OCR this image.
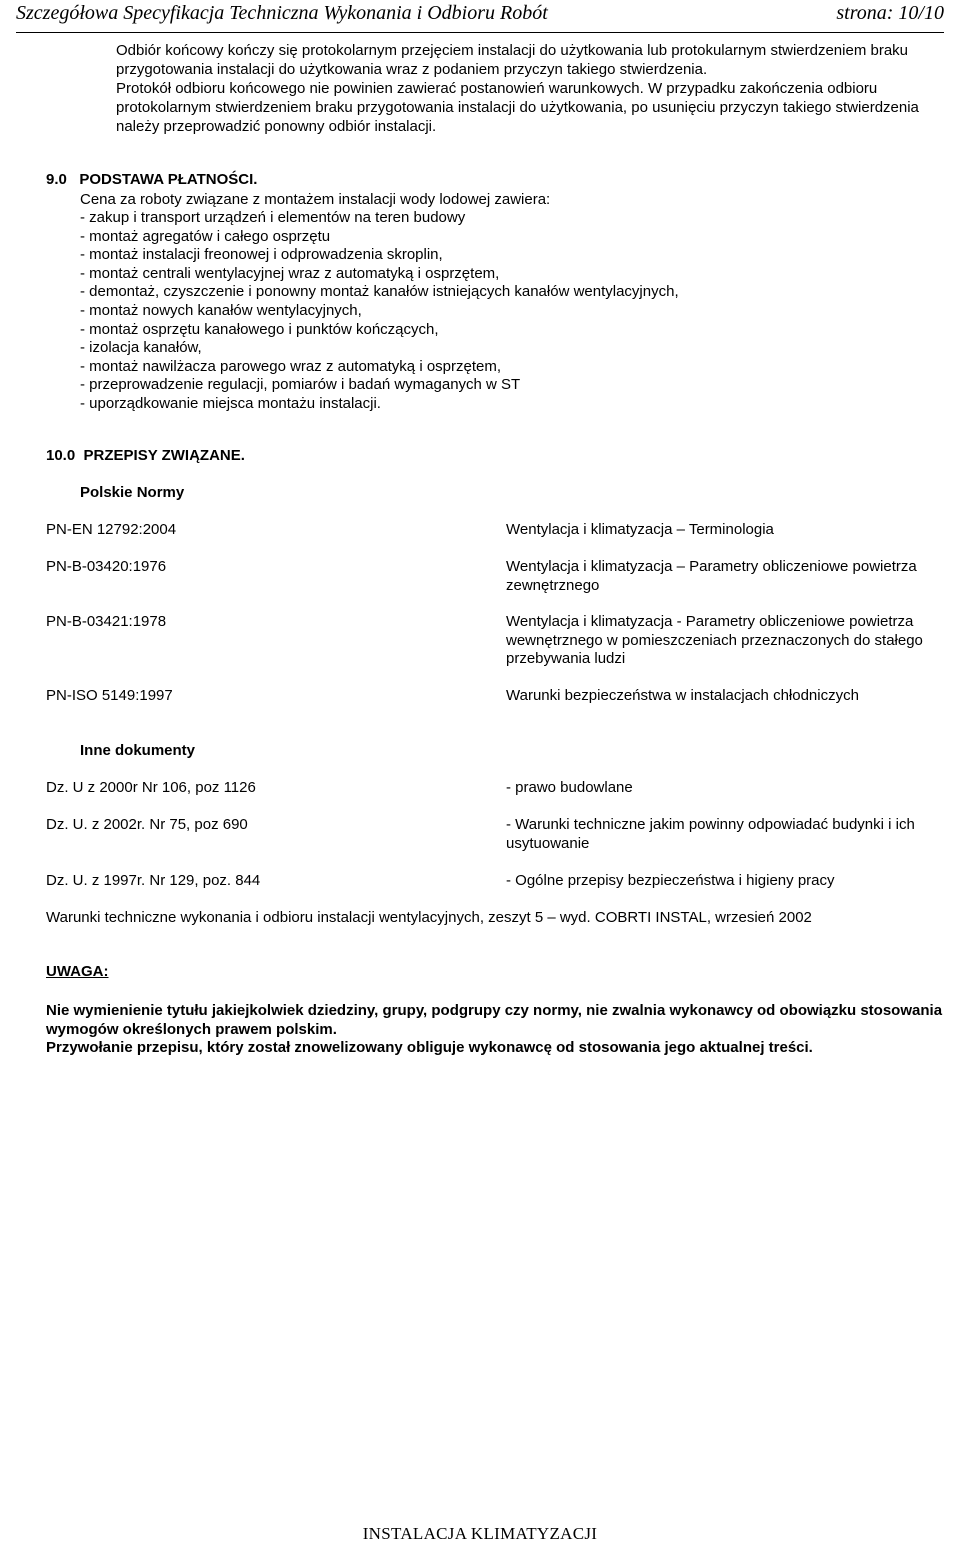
Szczegółowa Specyfikacja Techniczna Wykonania i Odbioru Robót	strona: 10/10

Odbiór końcowy kończy się protokolarnym przejęciem instalacji do użytkowania lub protokularnym stwierdzeniem braku przygotowania instalacji do użytkowania wraz z podaniem przyczyn takiego stwierdzenia.

Protokół odbioru końcowego nie powinien zawierać postanowień warunkowych. W przypadku zakończenia odbioru protokolarnym stwierdzeniem braku przygotowania instalacji do użytkowania, po usunięciu przyczyn takiego stwierdzenia należy przeprowadzić ponowny odbiór instalacji.

9.0   PODSTAWA PŁATNOŚCI.
Cena za roboty związane z montażem instalacji wody lodowej zawiera:
- zakup i transport urządzeń i elementów na teren budowy
- montaż agregatów i całego osprzętu
- montaż instalacji freonowej i odprowadzenia skroplin,
- montaż centrali wentylacyjnej wraz z automatyką i osprzętem,
- demontaż, czyszczenie i ponowny montaż kanałów istniejących kanałów wentylacyjnych,
- montaż nowych kanałów wentylacyjnych,
- montaż osprzętu kanałowego i punktów kończących,
- izolacja kanałów,
- montaż nawilżacza parowego wraz z automatyką i osprzętem,
- przeprowadzenie regulacji, pomiarów i badań wymaganych w ST
- uporządkowanie miejsca montażu instalacji.
10.0  PRZEPISY ZWIĄZANE.
Polskie Normy
PN-EN 12792:2004	Wentylacja i klimatyzacja – Terminologia
PN-B-03420:1976	Wentylacja i klimatyzacja – Parametry obliczeniowe powietrza zewnętrznego
PN-B-03421:1978	Wentylacja i klimatyzacja - Parametry obliczeniowe powietrza wewnętrznego w pomieszczeniach przeznaczonych do stałego przebywania ludzi
PN-ISO 5149:1997	Warunki bezpieczeństwa w instalacjach chłodniczych
Inne dokumenty
Dz. U z 2000r Nr 106, poz 1126	- prawo budowlane
Dz. U. z 2002r. Nr 75, poz 690	- Warunki techniczne jakim powinny odpowiadać budynki i ich usytuowanie
Dz. U. z 1997r. Nr 129, poz. 844	- Ogólne przepisy bezpieczeństwa i higieny pracy
Warunki techniczne wykonania i odbioru instalacji wentylacyjnych, zeszyt 5 – wyd. COBRTI INSTAL, wrzesień 2002
UWAGA:

Nie wymienienie tytułu jakiejkolwiek dziedziny, grupy, podgrupy czy normy, nie zwalnia wykonawcy od obowiązku stosowania wymogów określonych prawem polskim.

Przywołanie przepisu, który został znowelizowany obliguje wykonawcę od stosowania jego aktualnej treści.

INSTALACJA KLIMATYZACJI
